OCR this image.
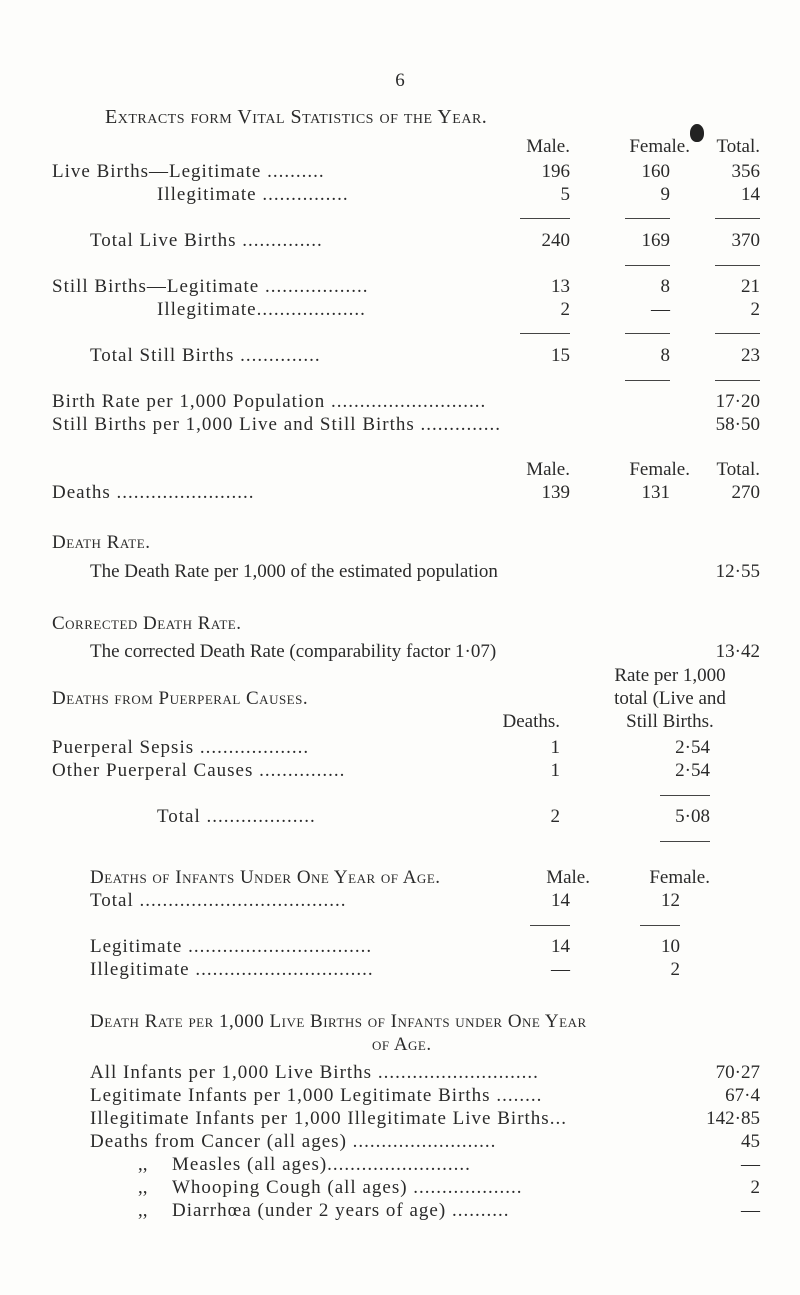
6
Extracts form Vital Statistics of the Year.
Male.	Female.	Total.
Live Births—Legitimate ..........	196	160	356
Illegitimate ...............	5	9	14
Total Live Births ..............	240	169	370
Still Births—Legitimate ..................	13	8	21
Illegitimate...................	2	—	2
Total Still Births ..............	15	8	23
Birth Rate per 1,000 Population ...........................	17·20
Still Births per 1,000 Live and Still Births ..............	58·50
Male.	Female.	Total.
Deaths ........................	139	131	270
Death Rate.
The Death Rate per 1,000 of the estimated population	12·55
Corrected Death Rate.
The corrected Death Rate (comparability factor 1·07)	13·42
Rate per 1,000
Deaths from Puerperal Causes.	total (Live and
Deaths.	Still Births.
Puerperal Sepsis ...................	1	2·54
Other Puerperal Causes ...............	1	2·54
Total ...................	2	5·08
Deaths of Infants Under One Year of Age.	Male.	Female.
Total ....................................	14	12
Legitimate ................................	14	10
Illegitimate ...............................	—	2
Death Rate per 1,000 Live Births of Infants under One Year
of Age.
All Infants per 1,000 Live Births ............................	70·27
Legitimate Infants per 1,000 Legitimate Births ........	67·4
Illegitimate Infants per 1,000 Illegitimate Live Births...	142·85
Deaths from Cancer (all ages) .........................	45
,, Measles (all ages).........................	—
,, Whooping Cough (all ages) ...................	2
,, Diarrhœa (under 2 years of age) ..........	—
